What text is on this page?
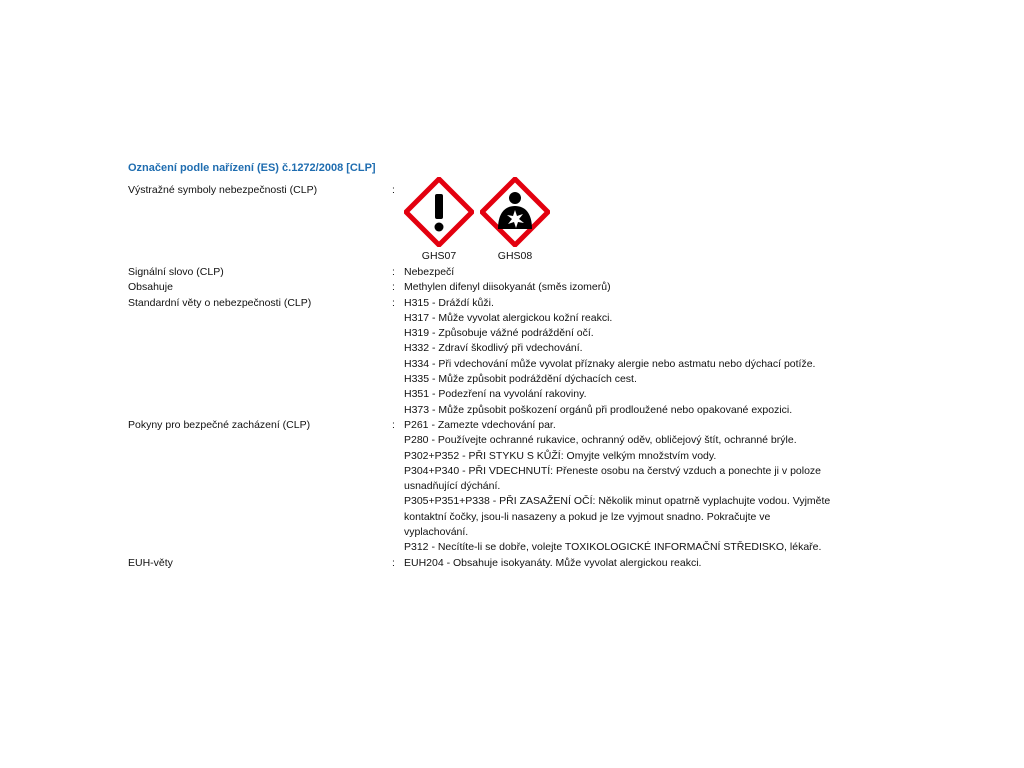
Označení podle nařízení (ES) č.1272/2008 [CLP]
Výstražné symboly nebezpečnosti (CLP)	:
GHS07	GHS08
Signální slovo (CLP)	: Nebezpečí
Obsahuje	: Methylen difenyl diisokyanát (směs izomerů)
Standardní věty o nebezpečnosti (CLP)	: H315 - Dráždí kůži.
H317 - Může vyvolat alergickou kožní reakci.
H319 - Způsobuje vážné podráždění očí.
H332 - Zdraví škodlivý při vdechování.
H334 - Při vdechování může vyvolat příznaky alergie nebo astmatu nebo dýchací potíže.
H335 - Může způsobit podráždění dýchacích cest.
H351 - Podezření na vyvolání rakoviny.
H373 - Může způsobit poškození orgánů při prodloužené nebo opakované expozici.
Pokyny pro bezpečné zacházení (CLP)	: P261 - Zamezte vdechování par.
P280 - Používejte ochranné rukavice, ochranný oděv, obličejový štít, ochranné brýle.
P302+P352 - PŘI STYKU S KŮŽÍ: Omyjte velkým množstvím vody.
P304+P340 - PŘI VDECHNUTÍ: Přeneste osobu na čerstvý vzduch a ponechte ji v poloze
usnadňující dýchání.
P305+P351+P338 - PŘI ZASAŽENÍ OČÍ: Několik minut opatrně vyplachujte vodou. Vyjměte
kontaktní čočky, jsou-li nasazeny a pokud je lze vyjmout snadno. Pokračujte ve
vyplachování.
P312 - Necítíte-li se dobře, volejte TOXIKOLOGICKÉ INFORMAČNÍ STŘEDISKO, lékaře.
EUH-věty	: EUH204 - Obsahuje isokyanáty. Může vyvolat alergickou reakci.
